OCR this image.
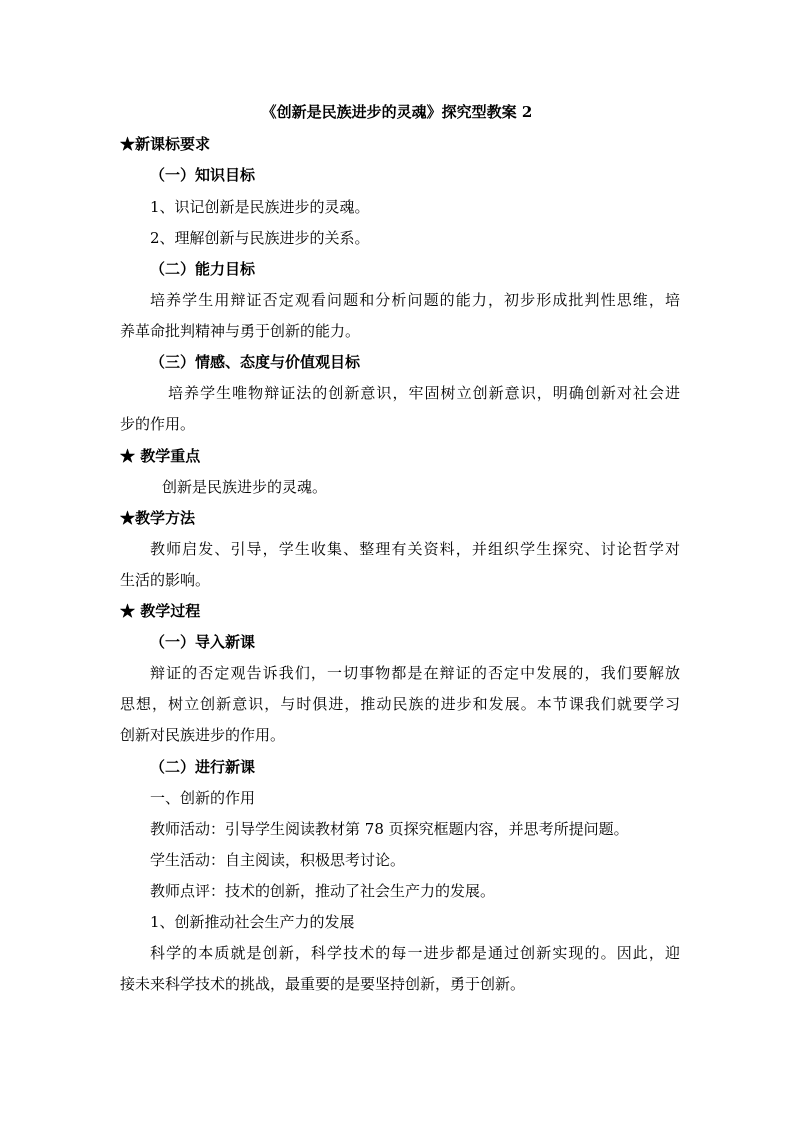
《创新是民族进步的灵魂》探究型教案 2
★新课标要求
（一）知识目标
1、识记创新是民族进步的灵魂。
2、理解创新与民族进步的关系。
（二）能力目标
培养学生用辩证否定观看问题和分析问题的能力，初步形成批判性思维，培
养革命批判精神与勇于创新的能力。
（三）情感、态度与价值观目标
培养学生唯物辩证法的创新意识，牢固树立创新意识，明确创新对社会进
步的作用。
★ 教学重点
创新是民族进步的灵魂。
★教学方法
教师启发、引导，学生收集、整理有关资料，并组织学生探究、讨论哲学对
生活的影响。
★ 教学过程
（一）导入新课
辩证的否定观告诉我们，一切事物都是在辩证的否定中发展的，我们要解放
思想，树立创新意识，与时俱进，推动民族的进步和发展。本节课我们就要学习
创新对民族进步的作用。
（二）进行新课
一、创新的作用
教师活动：引导学生阅读教材第 78 页探究框题内容，并思考所提问题。
学生活动：自主阅读，积极思考讨论。
教师点评：技术的创新，推动了社会生产力的发展。
1、创新推动社会生产力的发展
科学的本质就是创新，科学技术的每一进步都是通过创新实现的。因此，迎
接未来科学技术的挑战，最重要的是要坚持创新，勇于创新。
